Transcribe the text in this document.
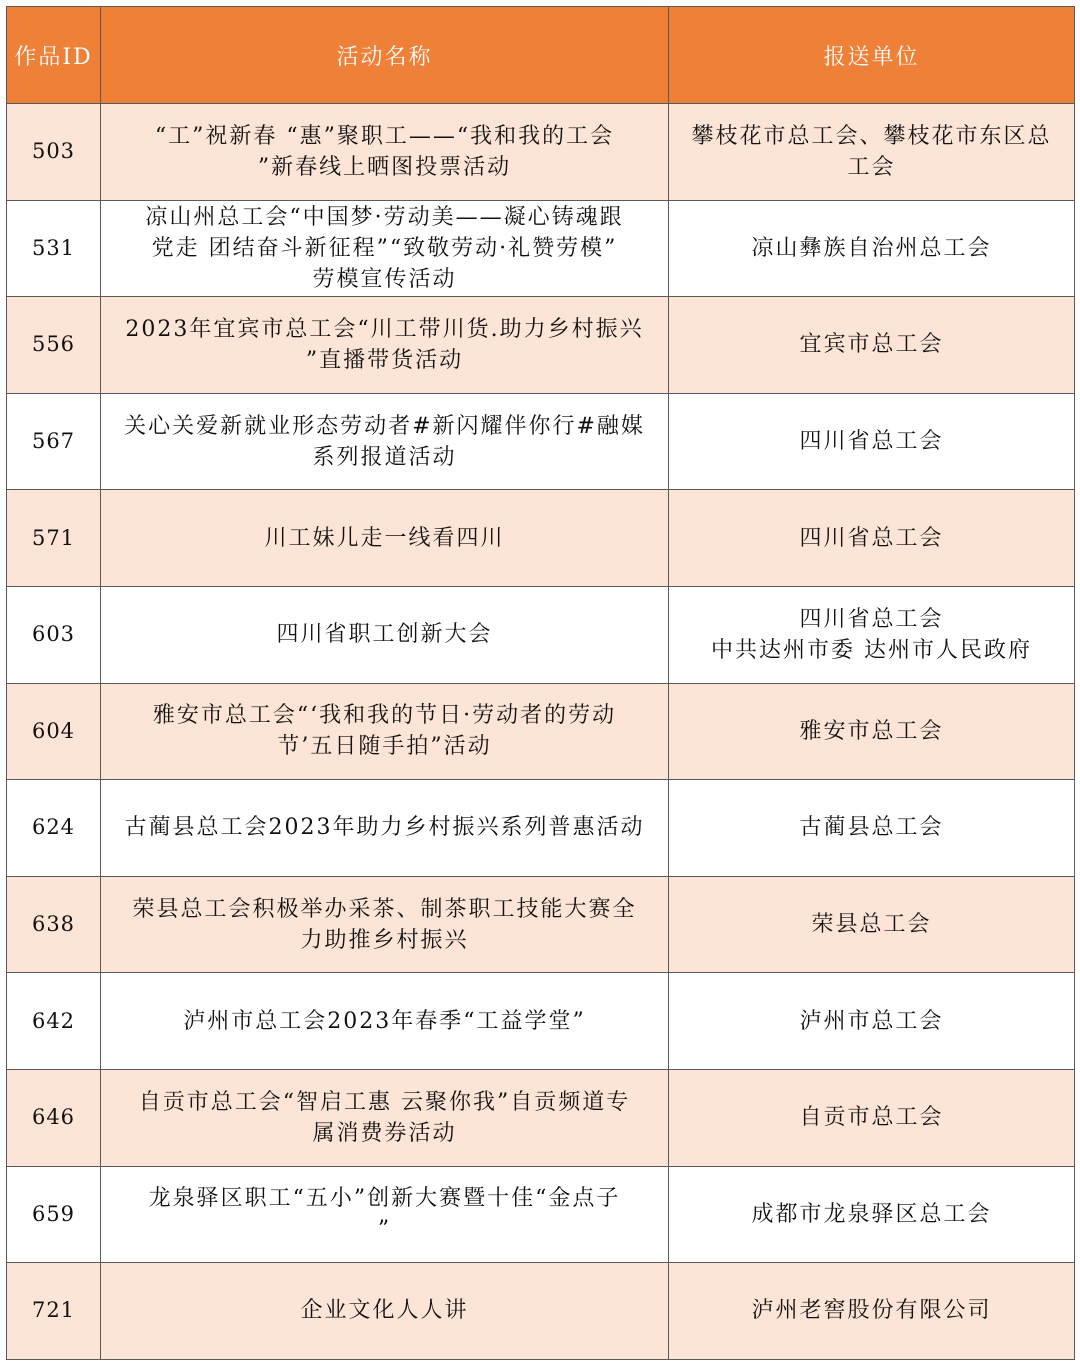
作品ID	活动名称	报送单位
503	“工”祝新春 “惠”聚职工——“我和我的工会
”新春线上晒图投票活动	攀枝花市总工会、攀枝花市东区总
工会

531	凉山州总工会“中国梦·劳动美——凝心铸魂跟
党走 团结奋斗新征程”“致敬劳动·礼赞劳模”
劳模宣传活动	凉山彝族自治州总工会

556	2023年宜宾市总工会“川工带川货.助力乡村振兴
”直播带货活动	宜宾市总工会

567	关心关爱新就业形态劳动者#新闪耀伴你行#融媒
系列报道活动	四川省总工会

571	川工妹儿走一线看四川	四川省总工会

603	四川省职工创新大会	四川省总工会
中共达州市委 达州市人民政府

604	雅安市总工会“‘我和我的节日·劳动者的劳动
节’五日随手拍”活动	雅安市总工会

624	古蔺县总工会2023年助力乡村振兴系列普惠活动	古蔺县总工会

638	荣县总工会积极举办采茶、制茶职工技能大赛全
力助推乡村振兴	荣县总工会

642	泸州市总工会2023年春季“工益学堂”	泸州市总工会

646	自贡市总工会“智启工惠 云聚你我”自贡频道专
属消费券活动	自贡市总工会

659	龙泉驿区职工“五小”创新大赛暨十佳“金点子
”	成都市龙泉驿区总工会

721	企业文化人人讲	泸州老窖股份有限公司
